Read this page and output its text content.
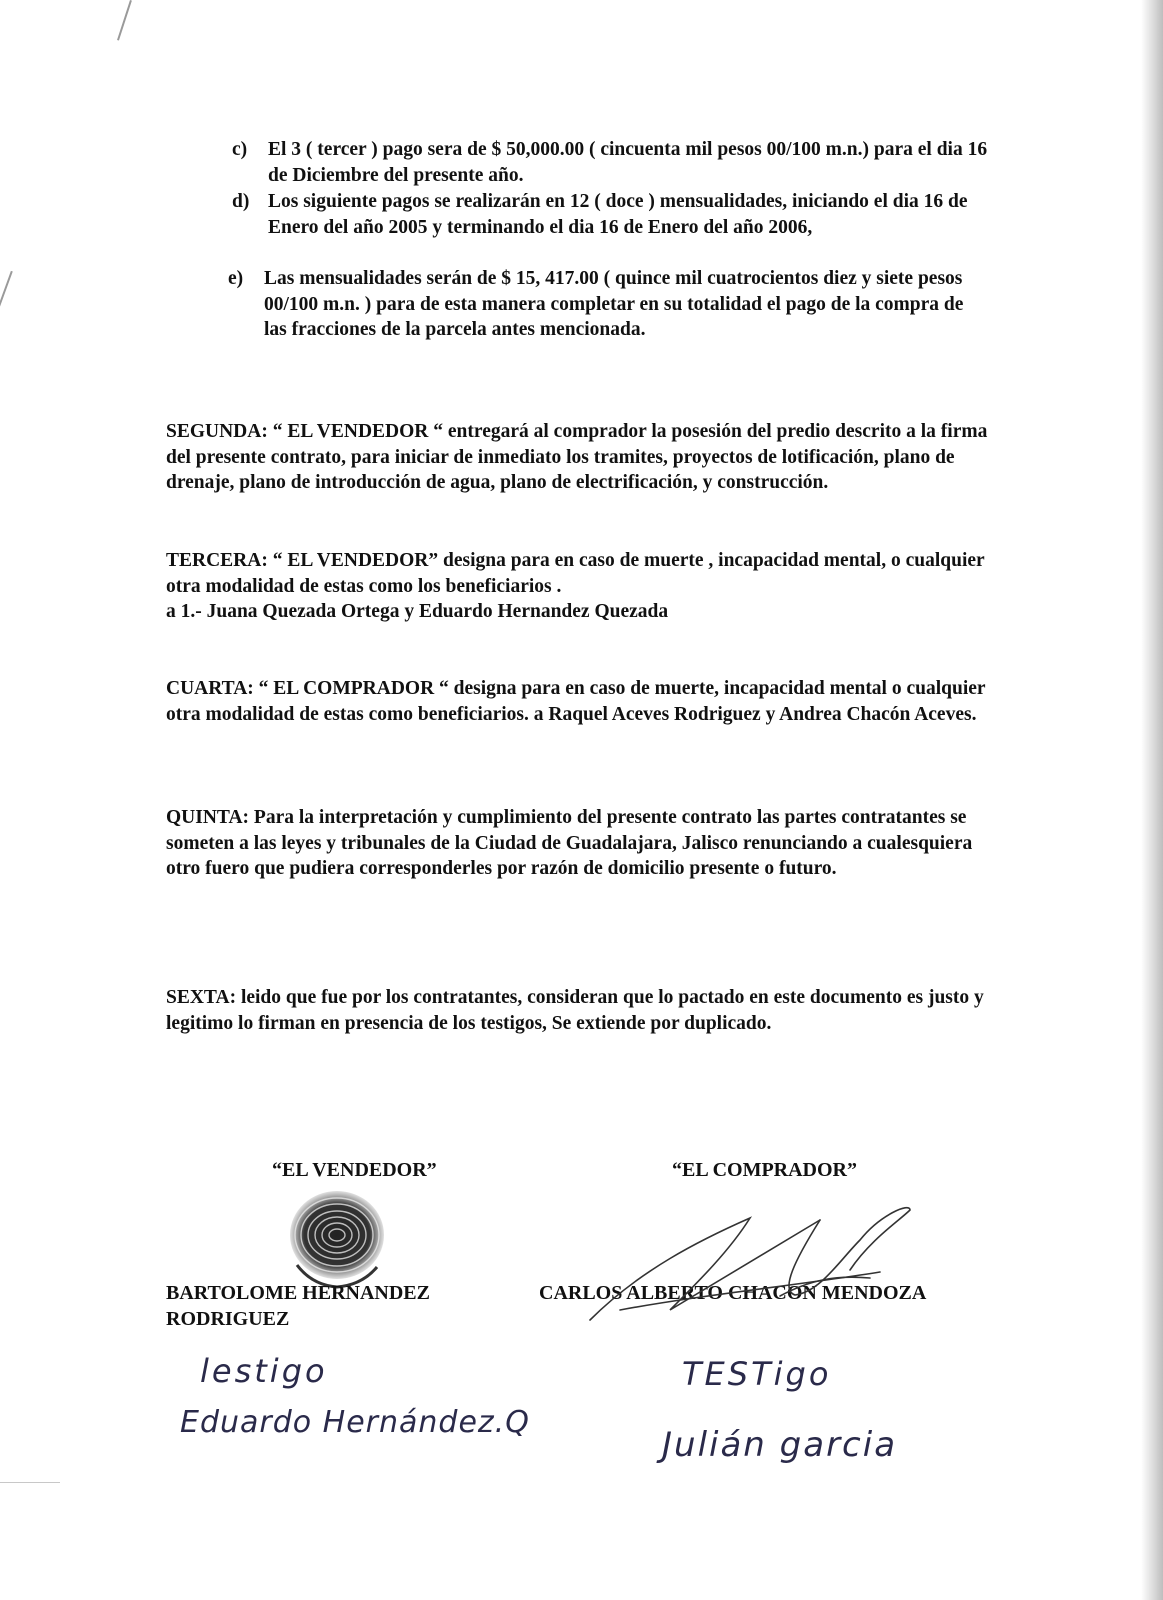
c) El 3 ( tercer ) pago sera de $ 50,000.00 ( cincuenta mil pesos 00/100 m.n.) para el dia 16 de Diciembre del presente año.
d) Los siguiente pagos se realizarán en 12 ( doce ) mensualidades, iniciando el dia 16 de Enero del año 2005 y terminando el dia 16 de Enero del año 2006,
e) Las mensualidades serán de $ 15, 417.00 ( quince mil cuatrocientos diez y siete pesos 00/100 m.n. ) para de esta manera completar en su totalidad el pago de la compra de las fracciones de la parcela antes mencionada.
SEGUNDA: “ EL VENDEDOR “ entregará al comprador la posesión del predio descrito a la firma del presente contrato, para iniciar de inmediato los tramites, proyectos de lotificación, plano de drenaje, plano de introducción de agua, plano de electrificación, y construcción.
TERCERA: “ EL VENDEDOR” designa para en caso de muerte , incapacidad mental, o cualquier otra modalidad de estas como los beneficiarios .
a 1.- Juana Quezada Ortega y Eduardo Hernandez Quezada
CUARTA: “ EL COMPRADOR “ designa para en caso de muerte, incapacidad mental o cualquier otra modalidad de estas como beneficiarios. a Raquel Aceves Rodriguez y Andrea Chacón Aceves.
QUINTA: Para la interpretación y cumplimiento del presente contrato las partes contratantes se someten a las leyes y tribunales de la Ciudad de Guadalajara, Jalisco renunciando a cualesquiera otro fuero que pudiera corresponderles por razón de domicilio presente o futuro.
SEXTA: leido que fue por los contratantes, consideran que lo pactado en este documento es justo y legitimo lo firman en presencia de los testigos, Se extiende por duplicado.
“EL VENDEDOR”	“EL COMPRADOR”
BARTOLOME HERNANDEZ
RODRIGUEZ
CARLOS ALBERTO CHACON MENDOZA
lestigo
Eduardo Hernández.Q
TESTigo
Julián garcia
